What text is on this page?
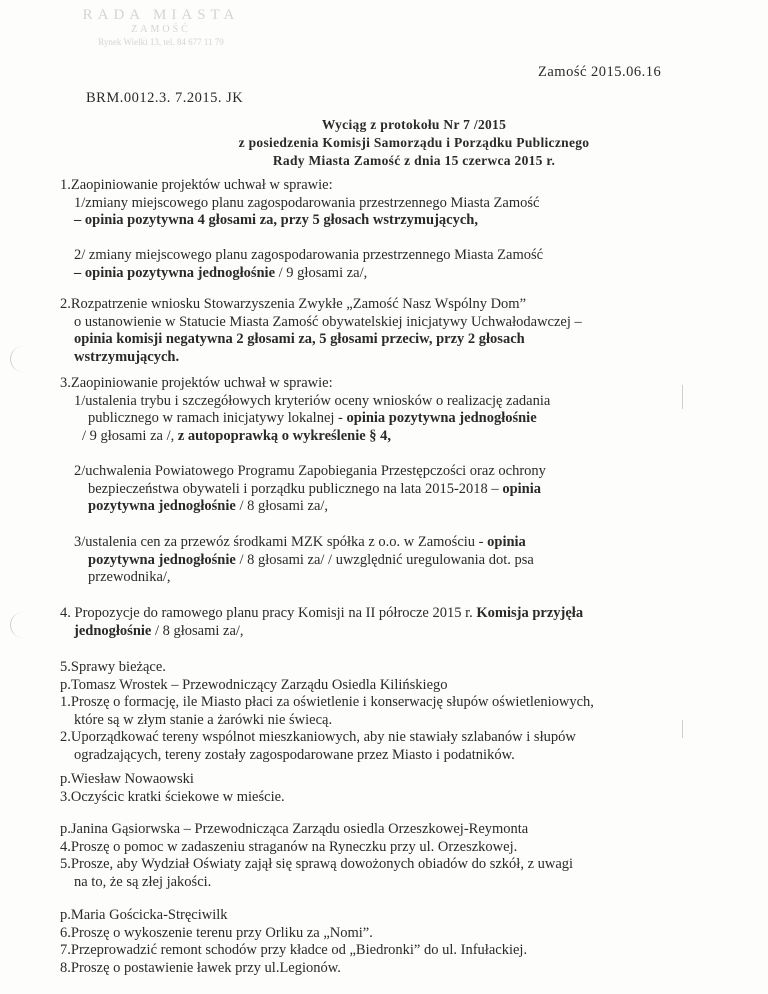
RADA MIASTA
ZAMOŚĆ
Rynek Wielki 13, tel. 84 677 11 79
BRM.0012.3. 7.2015. JK
Zamość 2015.06.16
Wyciąg z protokołu Nr 7 /2015
z posiedzenia Komisji Samorządu i Porządku Publicznego
Rady Miasta Zamość z dnia 15 czerwca 2015 r.
1.Zaopiniowanie projektów uchwał w sprawie:
1/zmiany miejscowego planu zagospodarowania przestrzennego Miasta Zamość
– opinia pozytywna 4 głosami za, przy 5 głosach wstrzymujących,
2/ zmiany miejscowego planu zagospodarowania przestrzennego Miasta Zamość
– opinia pozytywna jednogłośnie / 9 głosami za/,
2.Rozpatrzenie wniosku Stowarzyszenia Zwykłe „Zamość Nasz Wspólny Dom”
o ustanowienie w Statucie Miasta Zamość obywatelskiej inicjatywy Uchwałodawczej –
opinia komisji negatywna 2 głosami za, 5 głosami przeciw, przy 2 głosach
wstrzymujących.
3.Zaopiniowanie projektów uchwał w sprawie:
1/ustalenia trybu i szczegółowych kryteriów oceny wniosków o realizację zadania
publicznego w ramach inicjatywy lokalnej - opinia pozytywna jednogłośnie
/ 9 głosami za /, z autopoprawką o wykreślenie § 4,
2/uchwalenia Powiatowego Programu Zapobiegania Przestępczości oraz ochrony
bezpieczeństwa obywateli i porządku publicznego na lata 2015-2018 – opinia
pozytywna jednogłośnie / 8 głosami za/,
3/ustalenia cen za przewóz środkami MZK spółka z o.o. w Zamościu - opinia
pozytywna jednogłośnie / 8 głosami za/ / uwzględnić uregulowania dot. psa
przewodnika/,
4. Propozycje do ramowego planu pracy Komisji na II półrocze 2015 r. Komisja przyjęła
jednogłośnie / 8 głosami za/,
5.Sprawy bieżące.
p.Tomasz Wrostek – Przewodniczący Zarządu Osiedla Kilińskiego
1.Proszę o formację, ile Miasto płaci za oświetlenie i konserwację słupów oświetleniowych,
które są w złym stanie a żarówki nie świecą.
2.Uporządkować tereny wspólnot mieszkaniowych, aby nie stawiały szlabanów i słupów
ogradzających, tereny zostały zagospodarowane przez Miasto i podatników.
p.Wiesław Nowaowski
3.Oczyścic kratki ściekowe w mieście.
p.Janina Gąsiorwska – Przewodnicząca Zarządu osiedla Orzeszkowej-Reymonta
4.Proszę o pomoc w zadaszeniu straganów na Ryneczku przy ul. Orzeszkowej.
5.Prosze, aby Wydział Oświaty zajął się sprawą dowożonych obiadów do szkół, z uwagi
na to, że są złej jakości.
p.Maria Gościcka-Stręciwilk
6.Proszę o wykoszenie terenu przy Orliku za „Nomi”.
7.Przeprowadzić remont schodów przy kładce od „Biedronki” do ul. Infułackiej.
8.Proszę o postawienie ławek przy ul.Legionów.
